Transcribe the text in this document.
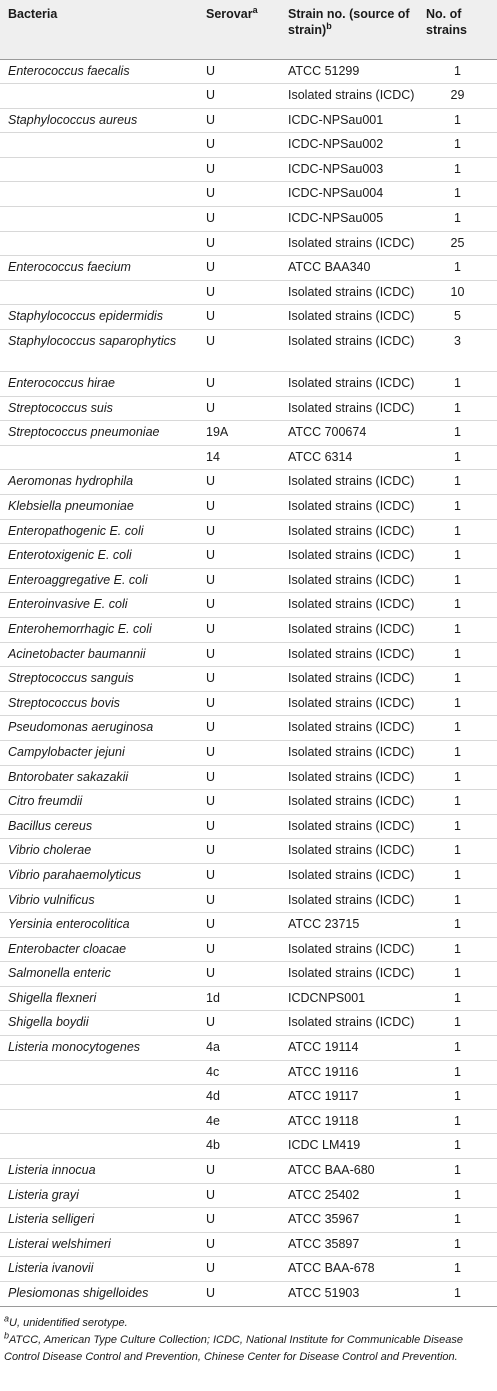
Bacteria	Serovar$^a$	Strain no. (source of strain)$^b$	No. of strains
Enterococcus faecalis	U	ATCC 51299	1
	U	Isolated strains (ICDC)	29
Staphylococcus aureus	U	ICDC-NPSau001	1
	U	ICDC-NPSau002	1
	U	ICDC-NPSau003	1
	U	ICDC-NPSau004	1
	U	ICDC-NPSau005	1
	U	Isolated strains (ICDC)	25
Enterococcus faecium	U	ATCC BAA340	1
	U	Isolated strains (ICDC)	10
Staphylococcus epidermidis	U	Isolated strains (ICDC)	5
Staphylococcus saparophytics	U	Isolated strains (ICDC)	3
Enterococcus hirae	U	Isolated strains (ICDC)	1
Streptococcus suis	U	Isolated strains (ICDC)	1
Streptococcus pneumoniae	19A	ATCC 700674	1
	14	ATCC 6314	1
Aeromonas hydrophila	U	Isolated strains (ICDC)	1
Klebsiella pneumoniae	U	Isolated strains (ICDC)	1
Enteropathogenic E. coli	U	Isolated strains (ICDC)	1
Enterotoxigenic E. coli	U	Isolated strains (ICDC)	1
Enteroaggregative E. coli	U	Isolated strains (ICDC)	1
Enteroinvasive E. coli	U	Isolated strains (ICDC)	1
Enterohemorrhagic E. coli	U	Isolated strains (ICDC)	1
Acinetobacter baumannii	U	Isolated strains (ICDC)	1
Streptococcus sanguis	U	Isolated strains (ICDC)	1
Streptococcus bovis	U	Isolated strains (ICDC)	1
Pseudomonas aeruginosa	U	Isolated strains (ICDC)	1
Campylobacter jejuni	U	Isolated strains (ICDC)	1
Bntorobater sakazakii	U	Isolated strains (ICDC)	1
Citro freumdii	U	Isolated strains (ICDC)	1
Bacillus cereus	U	Isolated strains (ICDC)	1
Vibrio cholerae	U	Isolated strains (ICDC)	1
Vibrio parahaemolyticus	U	Isolated strains (ICDC)	1
Vibrio vulnificus	U	Isolated strains (ICDC)	1
Yersinia enterocolitica	U	ATCC 23715	1
Enterobacter cloacae	U	Isolated strains (ICDC)	1
Salmonella enteric	U	Isolated strains (ICDC)	1
Shigella flexneri	1d	ICDCNPS001	1
Shigella boydii	U	Isolated strains (ICDC)	1
Listeria monocytogenes	4a	ATCC 19114	1
	4c	ATCC 19116	1
	4d	ATCC 19117	1
	4e	ATCC 19118	1
	4b	ICDC LM419	1
Listeria innocua	U	ATCC BAA-680	1
Listeria grayi	U	ATCC 25402	1
Listeria selligeri	U	ATCC 35967	1
Listerai welshimeri	U	ATCC 35897	1
Listeria ivanovii	U	ATCC BAA-678	1
Plesiomonas shigelloides	U	ATCC 51903	1

$^a$U, unidentified serotype.

$^b$ATCC, American Type Culture Collection; ICDC, National Institute for Communicable Disease Control Disease Control and Prevention, Chinese Center for Disease Control and Prevention.
